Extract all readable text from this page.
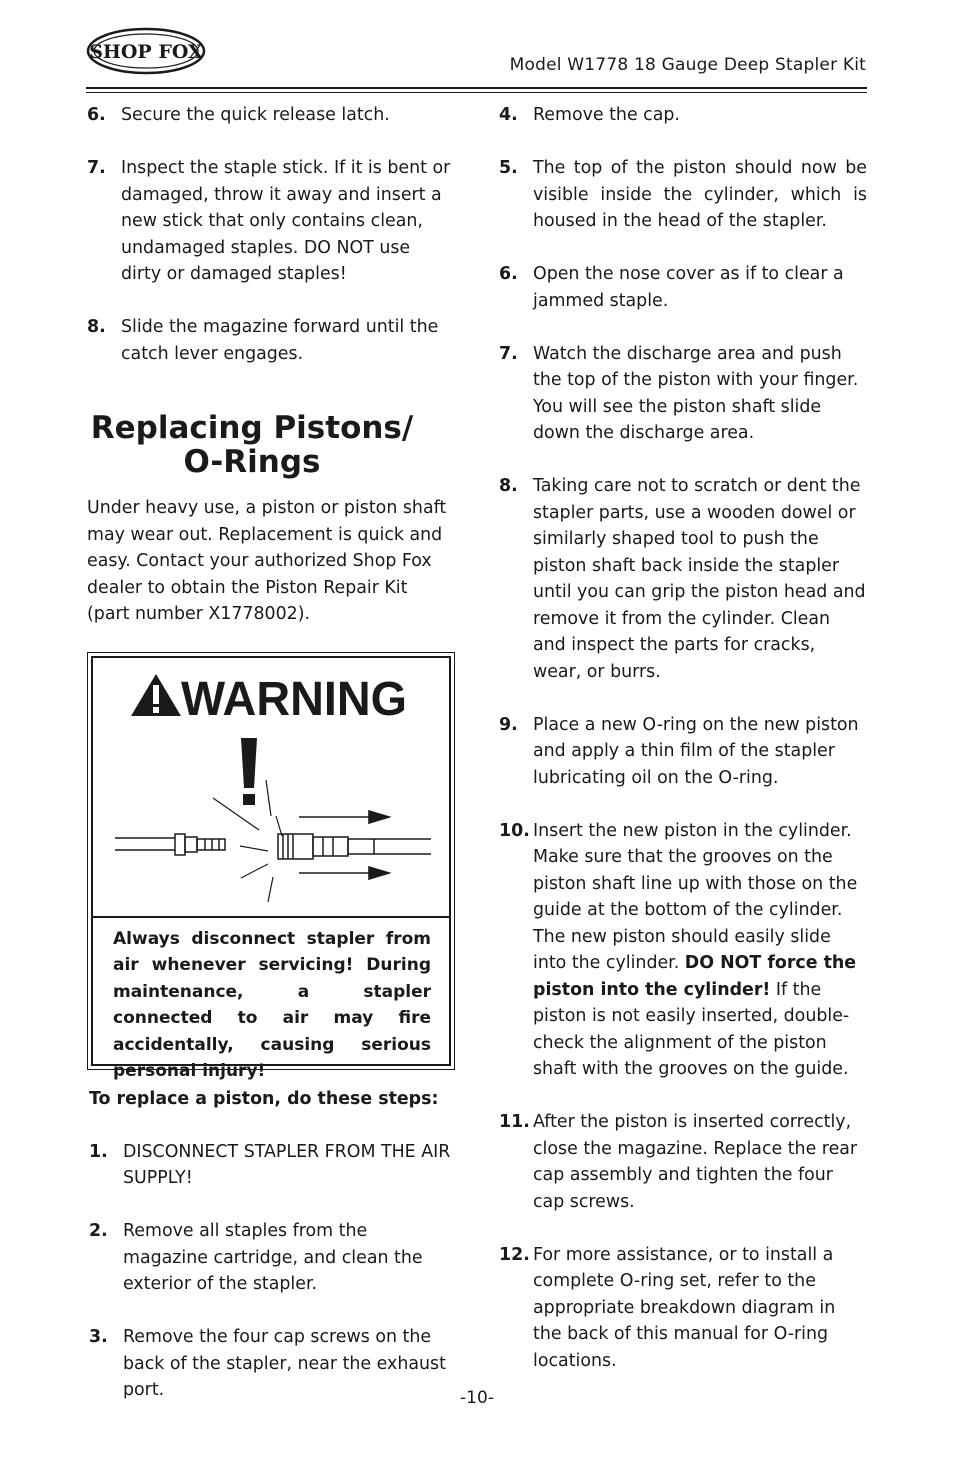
SHOP FOX
Model W1778 18 Gauge Deep Stapler Kit
6. Secure the quick release latch.
7. Inspect the staple stick. If it is bent or damaged, throw it away and insert a new stick that only contains clean, undamaged staples. DO NOT use dirty or damaged staples!
8. Slide the magazine forward until the catch lever engages.
Replacing Pistons/
O-Rings
Under heavy use, a piston or piston shaft may wear out. Replacement is quick and easy. Contact your authorized Shop Fox dealer to obtain the Piston Repair Kit (part number X1778002).
WARNING
Always disconnect stapler from air whenever servicing! During maintenance, a stapler connected to air may fire accidentally, causing serious personal injury!
To replace a piston, do these steps:
1. DISCONNECT STAPLER FROM THE AIR SUPPLY!
2. Remove all staples from the magazine cartridge, and clean the exterior of the stapler.
3. Remove the four cap screws on the back of the stapler, near the exhaust port.
4. Remove the cap.
5. The top of the piston should now be visible inside the cylinder, which is housed in the head of the stapler.
6. Open the nose cover as if to clear a jammed staple.
7. Watch the discharge area and push the top of the piston with your finger. You will see the piston shaft slide down the discharge area.
8. Taking care not to scratch or dent the stapler parts, use a wooden dowel or similarly shaped tool to push the piston shaft back inside the stapler until you can grip the piston head and remove it from the cylinder. Clean and inspect the parts for cracks, wear, or burrs.
9. Place a new O-ring on the new piston and apply a thin film of the stapler lubricating oil on the O-ring.
10. Insert the new piston in the cylinder. Make sure that the grooves on the piston shaft line up with those on the guide at the bottom of the cylinder. The new piston should easily slide into the cylinder. DO NOT force the piston into the cylinder! If the piston is not easily inserted, double-check the alignment of the piston shaft with the grooves on the guide.
11. After the piston is inserted correctly, close the magazine. Replace the rear cap assembly and tighten the four cap screws.
12. For more assistance, or to install a complete O-ring set, refer to the appropriate breakdown diagram in the back of this manual for O-ring locations.
-10-
